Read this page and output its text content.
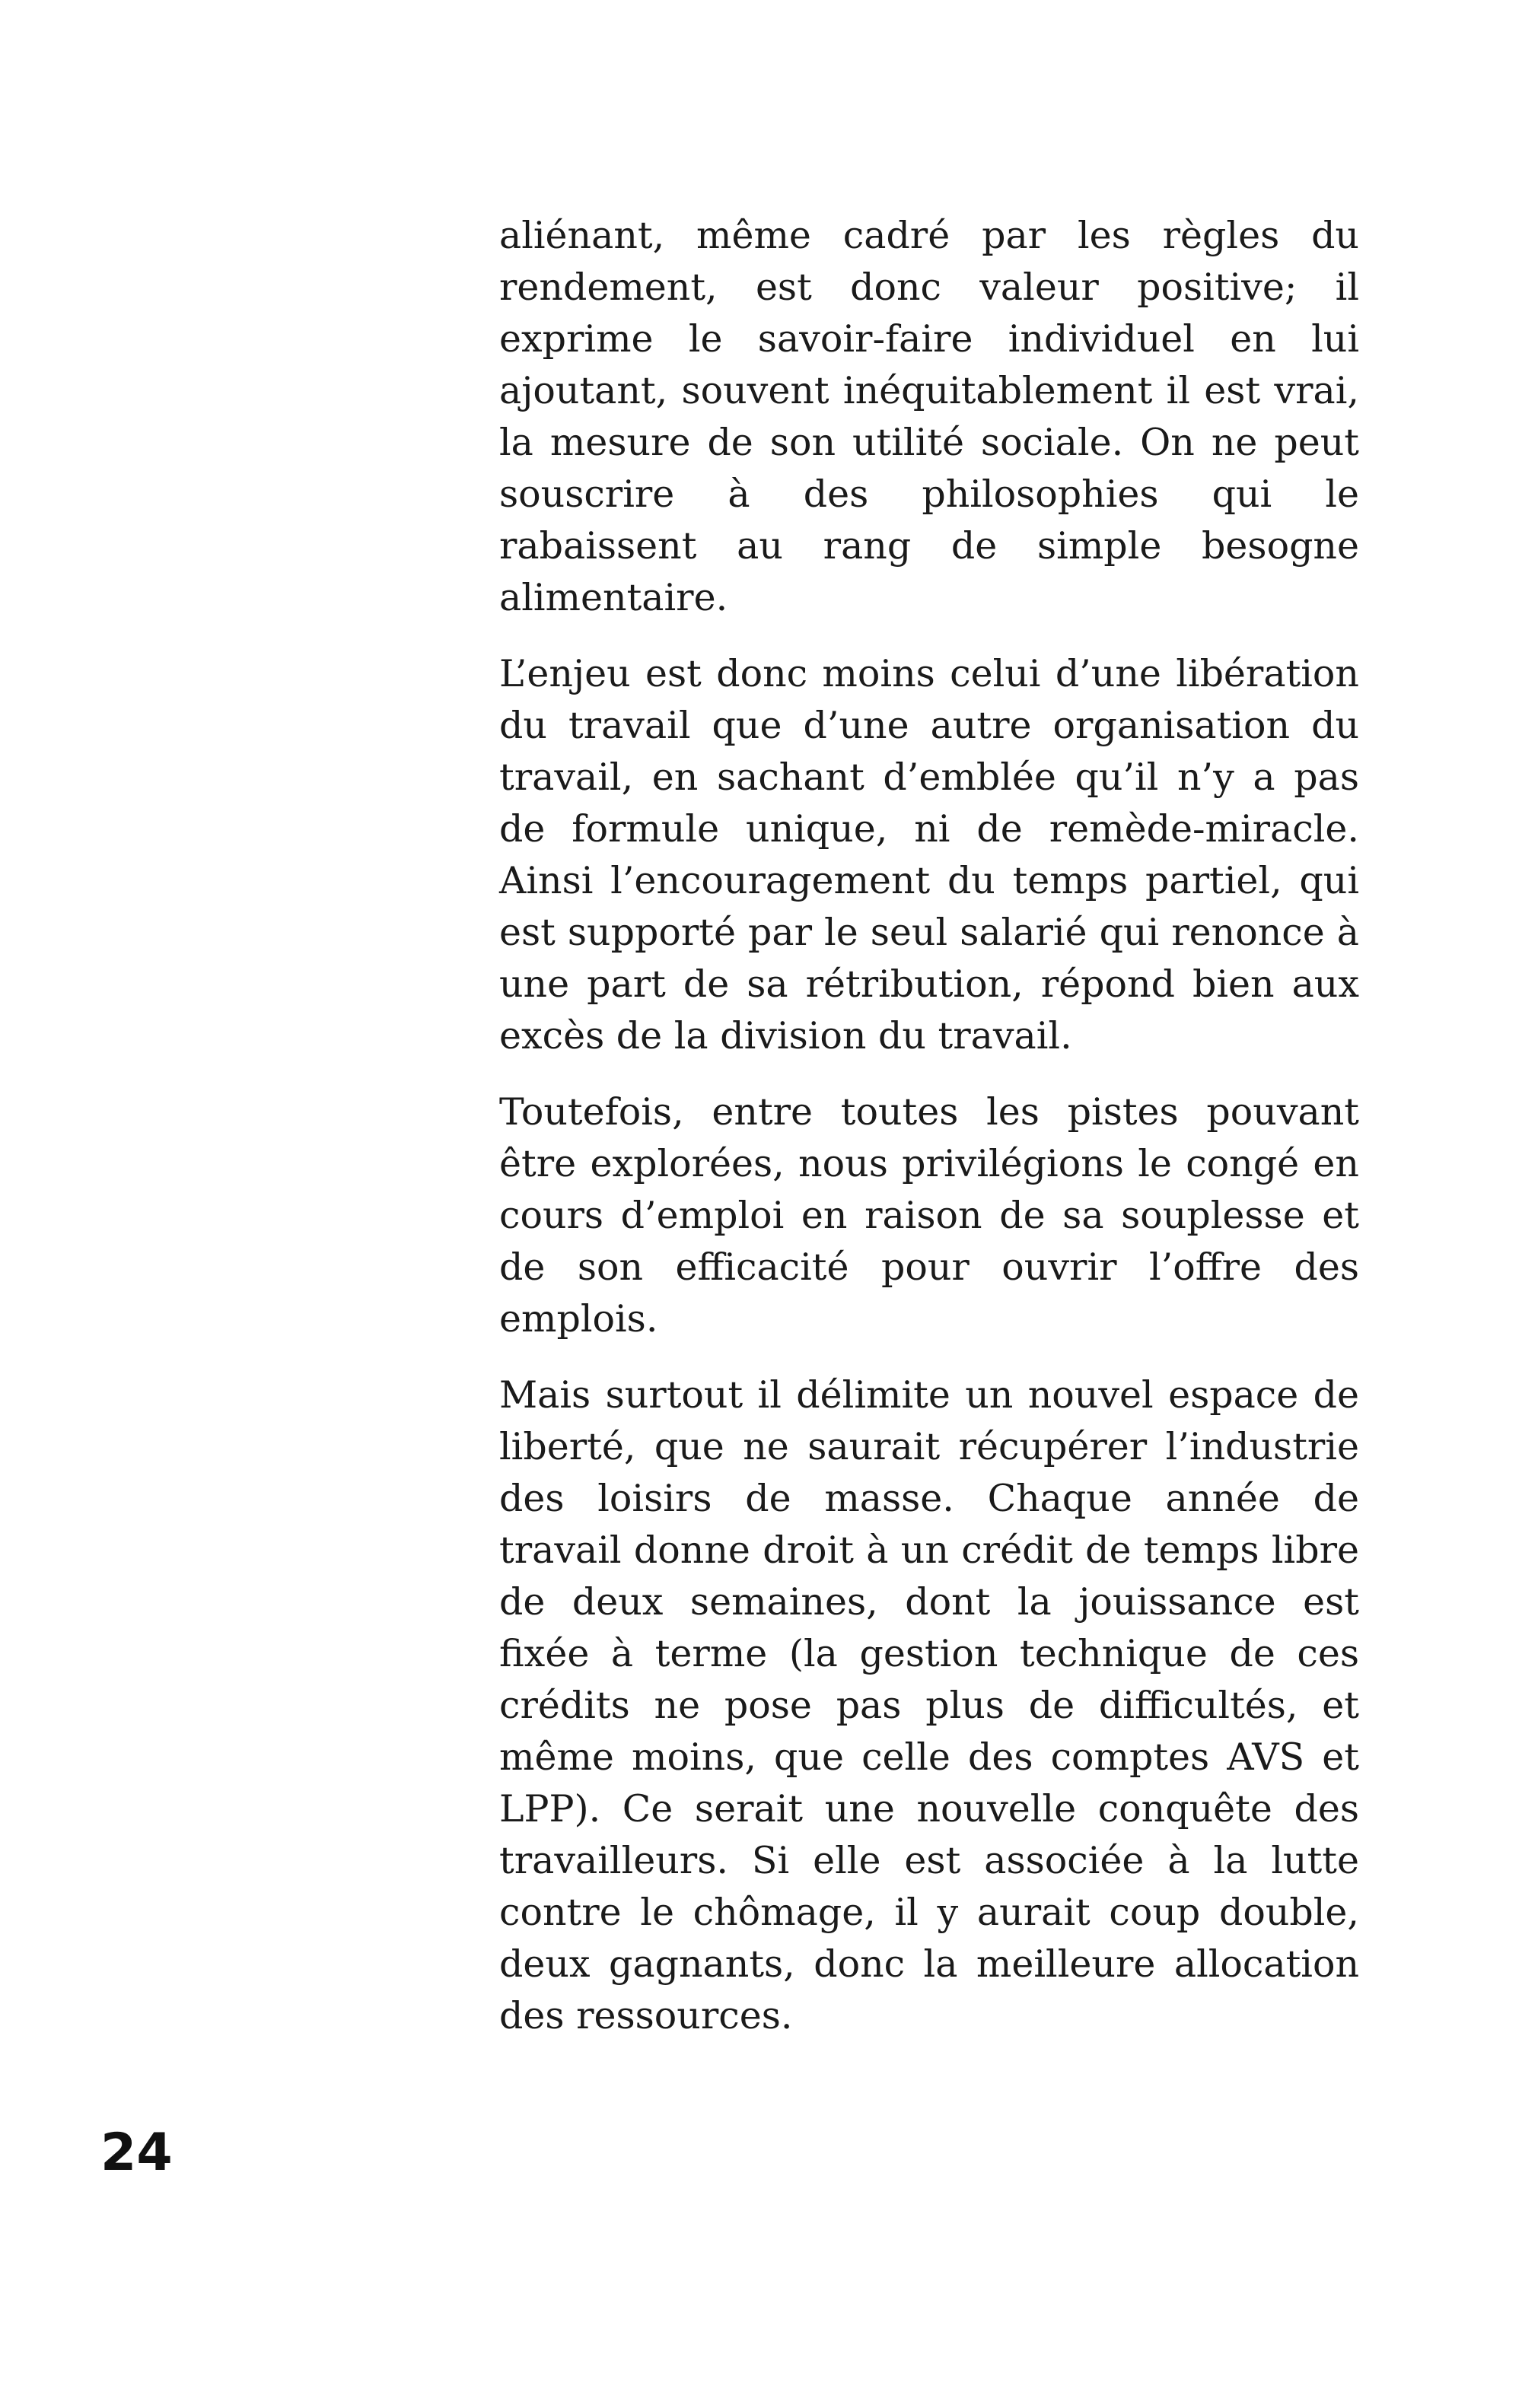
aliénant, même cadré par les règles du rendement, est donc valeur positive; il exprime le savoir-faire individuel en lui ajoutant, souvent inéquitablement il est vrai, la mesure de son utilité sociale. On ne peut souscrire à des philosophies qui le rabaissent au rang de simple besogne alimentaire.

L’enjeu est donc moins celui d’une libération du travail que d’une autre organisation du travail, en sachant d’emblée qu’il n’y a pas de formule unique, ni de remède-miracle. Ainsi l’encouragement du temps partiel, qui est supporté par le seul salarié qui renonce à une part de sa rétribution, répond bien aux excès de la division du travail.

Toutefois, entre toutes les pistes pouvant être explorées, nous privilégions le congé en cours d’emploi en raison de sa souplesse et de son efficacité pour ouvrir l’offre des emplois.

Mais surtout il délimite un nouvel espace de liberté, que ne saurait récupérer l’industrie des loisirs de masse. Chaque année de travail donne droit à un crédit de temps libre de deux semaines, dont la jouissance est fixée à terme (la gestion technique de ces crédits ne pose pas plus de difficultés, et même moins, que celle des comptes AVS et LPP). Ce serait une nouvelle conquête des travailleurs. Si elle est associée à la lutte contre le chômage, il y aurait coup double, deux gagnants, donc la meilleure allocation des ressources.

24
